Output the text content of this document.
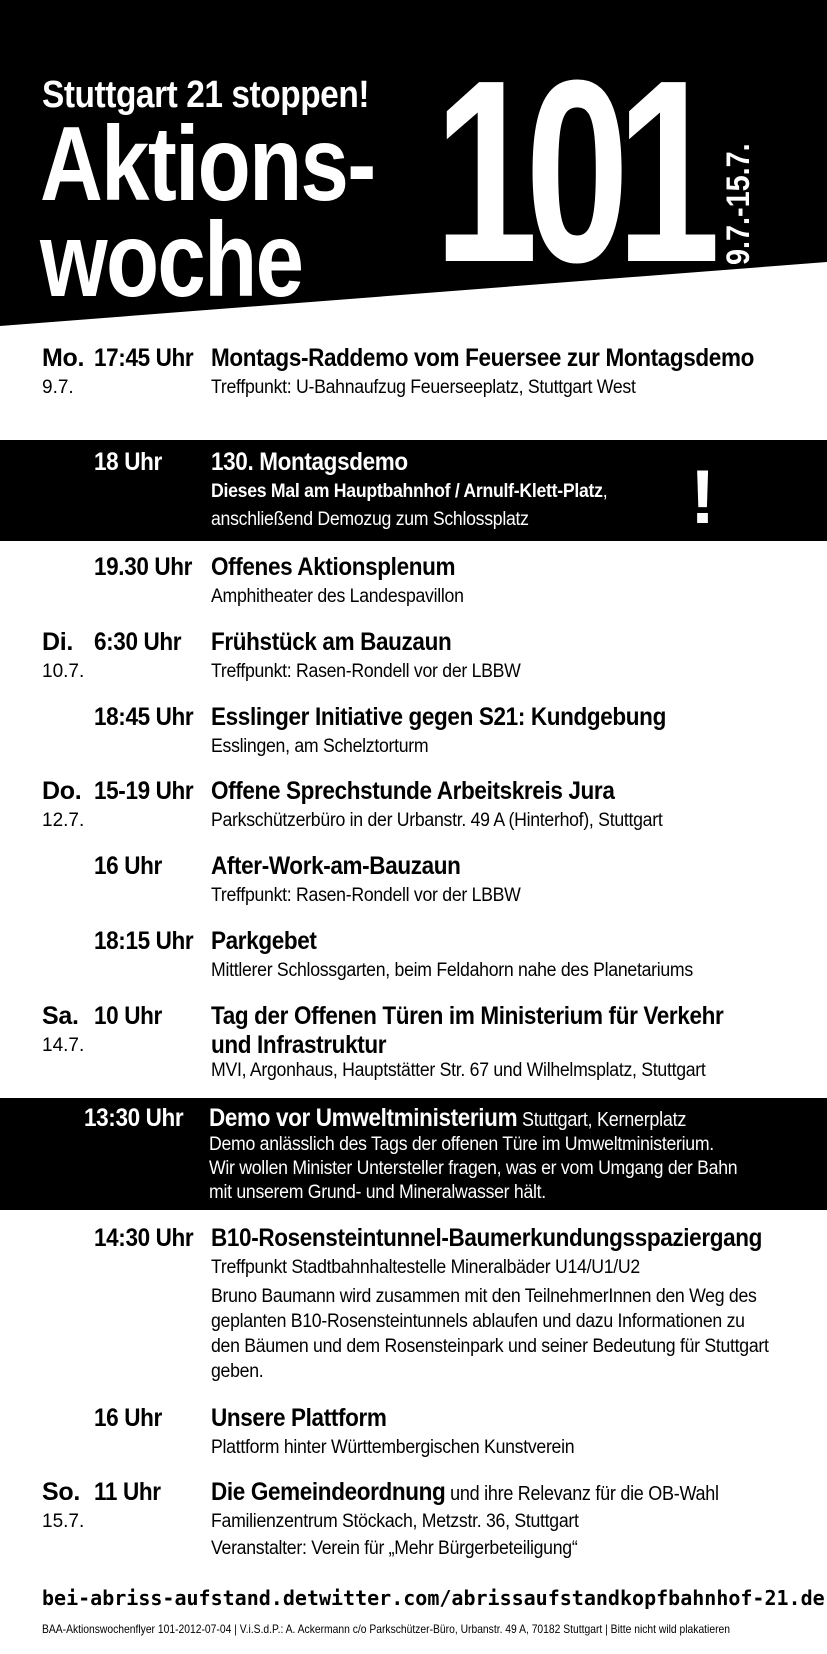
Stuttgart 21 stoppen!
Aktions-
woche 101 9.7.-15.7.
Mo.
9.7.
17:45 Uhr Montags-Raddemo vom Feuersee zur Montagsdemo
Treffpunkt: U-Bahnaufzug Feuerseeplatz, Stuttgart West
18 Uhr 130. Montagsdemo
Dieses Mal am Hauptbahnhof / Arnulf-Klett-Platz,
anschließend Demozug zum Schlossplatz !
19.30 Uhr Offenes Aktionsplenum
Amphitheater des Landespavillon
Di.
10.7.
6:30 Uhr Frühstück am Bauzaun
Treffpunkt: Rasen-Rondell vor der LBBW
18:45 Uhr Esslinger Initiative gegen S21: Kundgebung
Esslingen, am Schelztorturm
Do.
12.7.
15-19 Uhr Offene Sprechstunde Arbeitskreis Jura
Parkschützerbüro in der Urbanstr. 49 A (Hinterhof), Stuttgart
16 Uhr After-Work-am-Bauzaun
Treffpunkt: Rasen-Rondell vor der LBBW
18:15 Uhr Parkgebet
Mittlerer Schlossgarten, beim Feldahorn nahe des Planetariums
Sa.
14.7.
10 Uhr Tag der Offenen Türen im Ministerium für Verkehr
und Infrastruktur
MVI, Argonhaus, Hauptstätter Str. 67 und Wilhelmsplatz, Stuttgart
13:30 Uhr Demo vor Umweltministerium Stuttgart, Kernerplatz
Demo anlässlich des Tags der offenen Türe im Umweltministerium.
Wir wollen Minister Untersteller fragen, was er vom Umgang der Bahn
mit unserem Grund- und Mineralwasser hält.
14:30 Uhr B10-Rosensteintunnel-Baumerkundungsspaziergang
Treffpunkt Stadtbahnhaltestelle Mineralbäder U14/U1/U2
Bruno Baumann wird zusammen mit den TeilnehmerInnen den Weg des
geplanten B10-Rosensteintunnels ablaufen und dazu Informationen zu
den Bäumen und dem Rosensteinpark und seiner Bedeutung für Stuttgart
geben.
16 Uhr Unsere Plattform
Plattform hinter Württembergischen Kunstverein
So.
15.7.
11 Uhr Die Gemeindeordnung und ihre Relevanz für die OB-Wahl
Familienzentrum Stöckach, Metzstr. 36, Stuttgart
Veranstalter: Verein für „Mehr Bürgerbeteiligung“
bei-abriss-aufstand.de twitter.com/abrissaufstand kopfbahnhof-21.de
BAA-Aktionswochenflyer 101-2012-07-04 | V.i.S.d.P.: A. Ackermann c/o Parkschützer-Büro, Urbanstr. 49 A, 70182 Stuttgart | Bitte nicht wild plakatieren
